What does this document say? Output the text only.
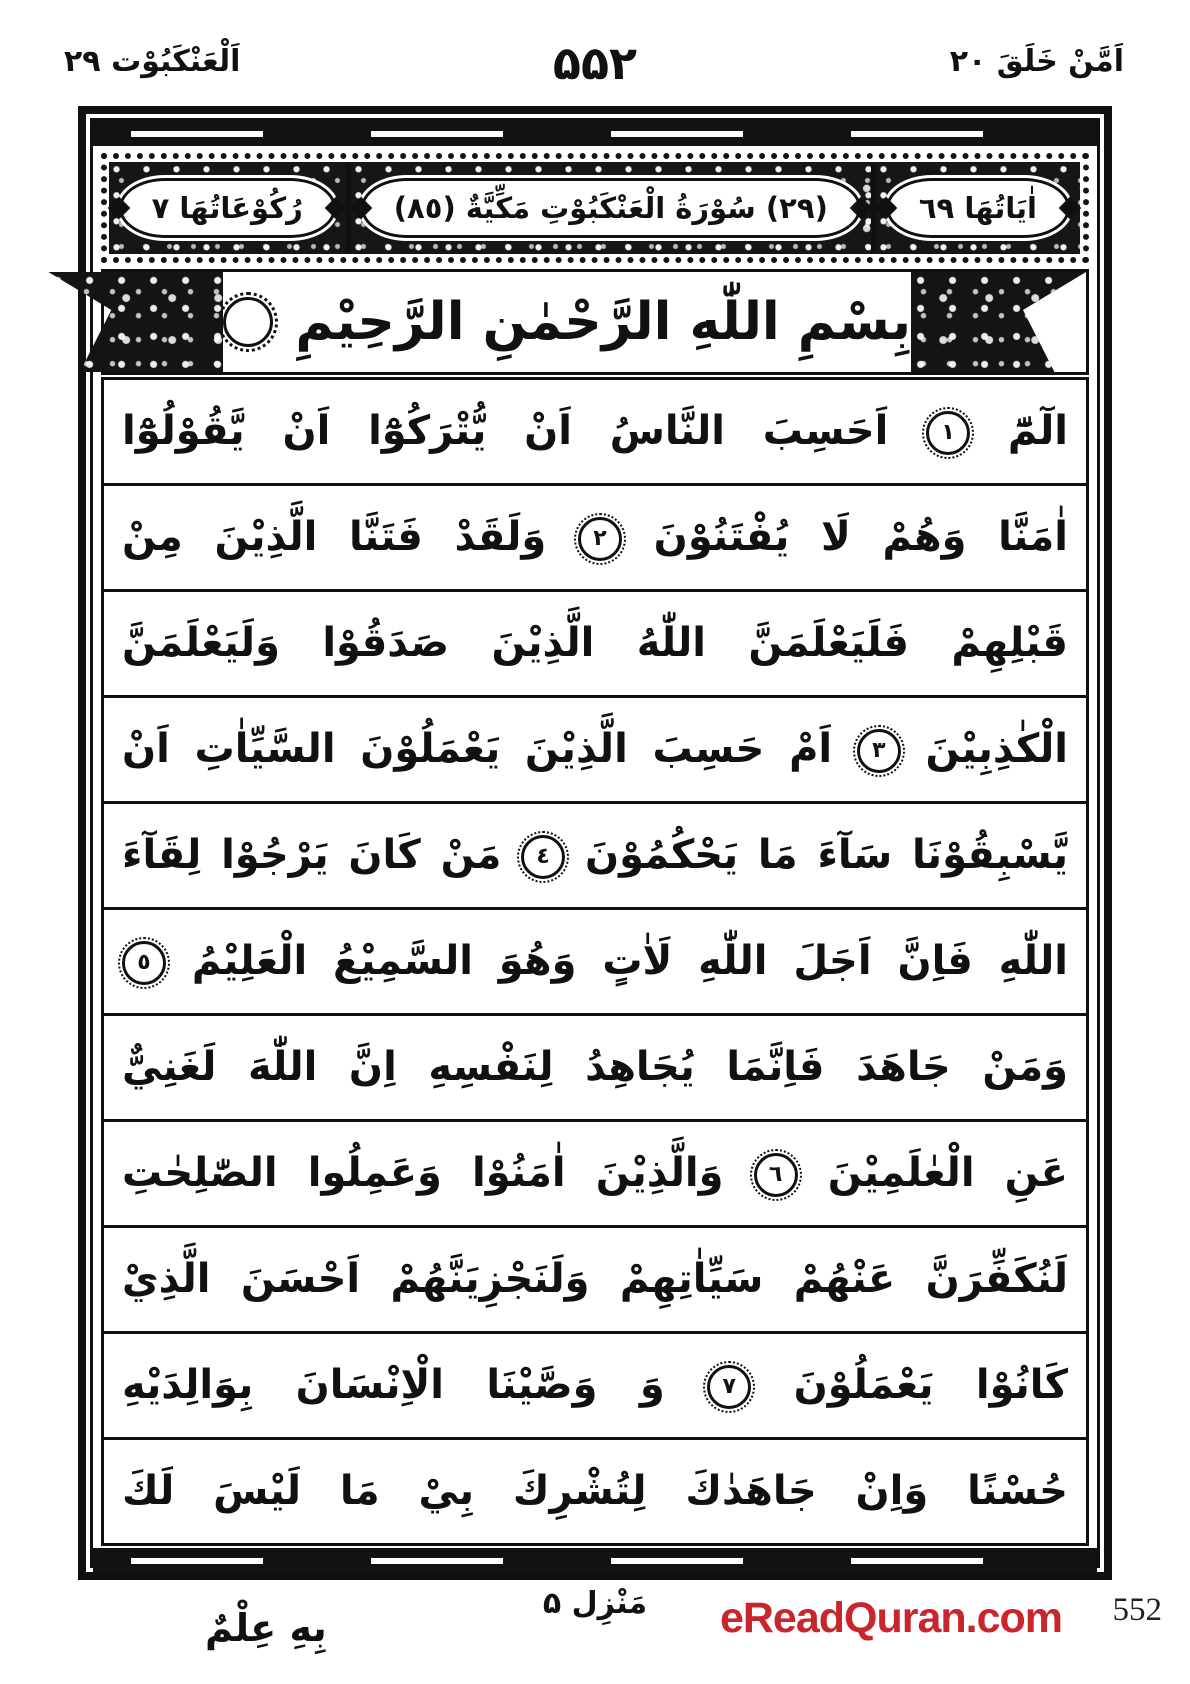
اَمَّنْ خَلَقَ ٢٠
۵۵۲
اَلْعَنْكَبُوْت ٢٩
اٰيَاتُهَا ٦٩
(٢٩) سُوْرَةُ الْعَنْكَبُوْتِ مَكِّيَّةٌ (٨٥)
رُكُوْعَاتُهَا ٧
بِسْمِ اللّٰهِ الرَّحْمٰنِ الرَّحِيْمِ
الٓمّٓ ١ اَحَسِبَ النَّاسُ اَنْ يُّتْرَكُوْٓا اَنْ يَّقُوْلُوْٓا
اٰمَنَّا وَهُمْ لَا يُفْتَنُوْنَ ٢ وَلَقَدْ فَتَنَّا الَّذِيْنَ مِنْ
قَبْلِهِمْ فَلَيَعْلَمَنَّ اللّٰهُ الَّذِيْنَ صَدَقُوْا وَلَيَعْلَمَنَّ
الْكٰذِبِيْنَ ٣ اَمْ حَسِبَ الَّذِيْنَ يَعْمَلُوْنَ السَّيِّاٰتِ اَنْ
يَّسْبِقُوْنَا سَآءَ مَا يَحْكُمُوْنَ ٤ مَنْ كَانَ يَرْجُوْا لِقَآءَ
اللّٰهِ فَاِنَّ اَجَلَ اللّٰهِ لَاٰتٍ وَهُوَ السَّمِيْعُ الْعَلِيْمُ ٥
وَمَنْ جَاهَدَ فَاِنَّمَا يُجَاهِدُ لِنَفْسِهِ اِنَّ اللّٰهَ لَغَنِيٌّ
عَنِ الْعٰلَمِيْنَ ٦ وَالَّذِيْنَ اٰمَنُوْا وَعَمِلُوا الصّٰلِحٰتِ
لَنُكَفِّرَنَّ عَنْهُمْ سَيِّاٰتِهِمْ وَلَنَجْزِيَنَّهُمْ اَحْسَنَ الَّذِيْ
كَانُوْا يَعْمَلُوْنَ ٧ وَ وَصَّيْنَا الْاِنْسَانَ بِوَالِدَيْهِ
حُسْنًا وَاِنْ جَاهَدٰكَ لِتُشْرِكَ بِيْ مَا لَيْسَ لَكَ
بِهِ عِلْمٌ
مَنْزِل ۵ eReadQuran.com 552
